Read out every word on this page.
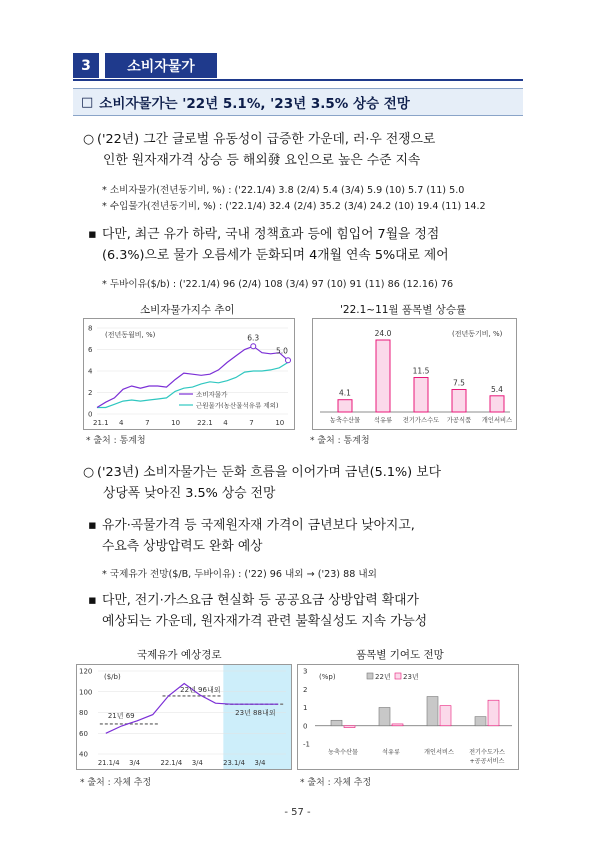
3	소비자물가
□ 소비자물가는 '22년 5.1%, '23년 3.5% 상승 전망
○ ('22년) 그간 글로벌 유동성이 급증한 가운데, 러·우 전쟁으로
인한 원자재가격 상승 등 해외發 요인으로 높은 수준 지속
* 소비자물가(전년동기비, %) : ('22.1/4) 3.8 (2/4) 5.4 (3/4) 5.9 (10) 5.7 (11) 5.0
* 수입물가(전년동기비, %) : ('22.1/4) 32.4 (2/4) 35.2 (3/4) 24.2 (10) 19.4 (11) 14.2
▪ 다만, 최근 유가 하락, 국내 정책효과 등에 힘입어 7월을 정점
(6.3%)으로 물가 오름세가 둔화되며 4개월 연속 5%대로 제어
* 두바이유($/b) : ('22.1/4) 96 (2/4) 108 (3/4) 97 (10) 91 (11) 86 (12.16) 76
소비자물가지수 추이	'22.1~11월 품목별 상승률
(전년동월비, %)
8
6
4
2
0
21.1 4	7	10 22.1 4	7	10
6.3
5.0
소비자물가
근원물가(농산물석유류 제외)
(전년동기비, %)
4.1
농축수산물
24.0
석유류
11.5
전기가스수도
7.5
가공식품
5.4
개인서비스
* 출처 : 통계청	* 출처 : 통계청
○ ('23년) 소비자물가는 둔화 흐름을 이어가며 금년(5.1%) 보다
상당폭 낮아진 3.5% 상승 전망
▪ 유가·곡물가격 등 국제원자재 가격이 금년보다 낮아지고,
수요측 상방압력도 완화 예상
* 국제유가 전망($/B, 두바이유) : ('22) 96 내외 → ('23) 88 내외
▪ 다만, 전기·가스요금 현실화 등 공공요금 상방압력 확대가
예상되는 가운데, 원자재가격 관련 불확실성도 지속 가능성
국제유가 예상경로	품목별 기여도 전망
($/b)
120
100
80
60
40
21.1/4 3/4	22.1/4 3/4	23.1/4 3/4
22년 96내외
23년 88내외
21년 69
(%p)	22년 23년
3
2
1
0
-1
농축수산물	석유류	개인서비스 전기수도가스
+공공서비스
* 출처 : 자체 추정	* 출처 : 자체 추정
- 57 -
